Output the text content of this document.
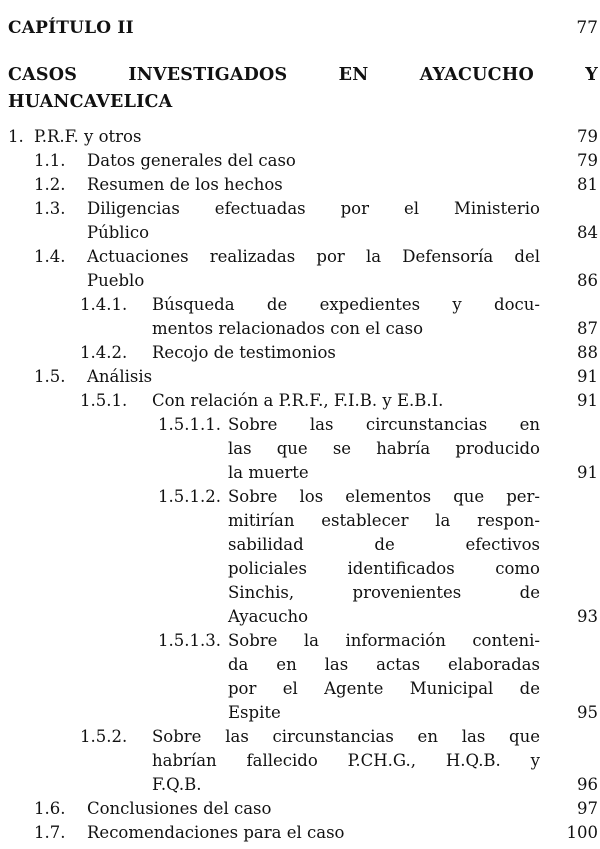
CAPÍTULO II	77
CASOS INVESTIGADOS EN AYACUCHO Y
HUANCAVELICA
1. P.R.F. y otros	79
1.1. Datos generales del caso	79
1.2. Resumen de los hechos	81
1.3. Diligencias efectuadas por el Ministerio
Público	84
1.4. Actuaciones realizadas por la Defensoría del
Pueblo	86
1.4.1. Búsqueda de expedientes y docu-
mentos relacionados con el caso	87
1.4.2. Recojo de testimonios	88
1.5. Análisis	91
1.5.1. Con relación a P.R.F., F.I.B. y E.B.I.	91
1.5.1.1. Sobre las circunstancias en
las que se habría producido
la muerte	91
1.5.1.2. Sobre los elementos que per-
mitirían establecer la respon-
sabilidad de efectivos
policiales identificados como
Sinchis, provenientes de
Ayacucho	93
1.5.1.3. Sobre la información conteni-
da en las actas elaboradas
por el Agente Municipal de
Espite	95
1.5.2. Sobre las circunstancias en las que
habrían fallecido P.CH.G., H.Q.B. y
F.Q.B.	96
1.6. Conclusiones del caso	97
1.7. Recomendaciones para el caso	100
